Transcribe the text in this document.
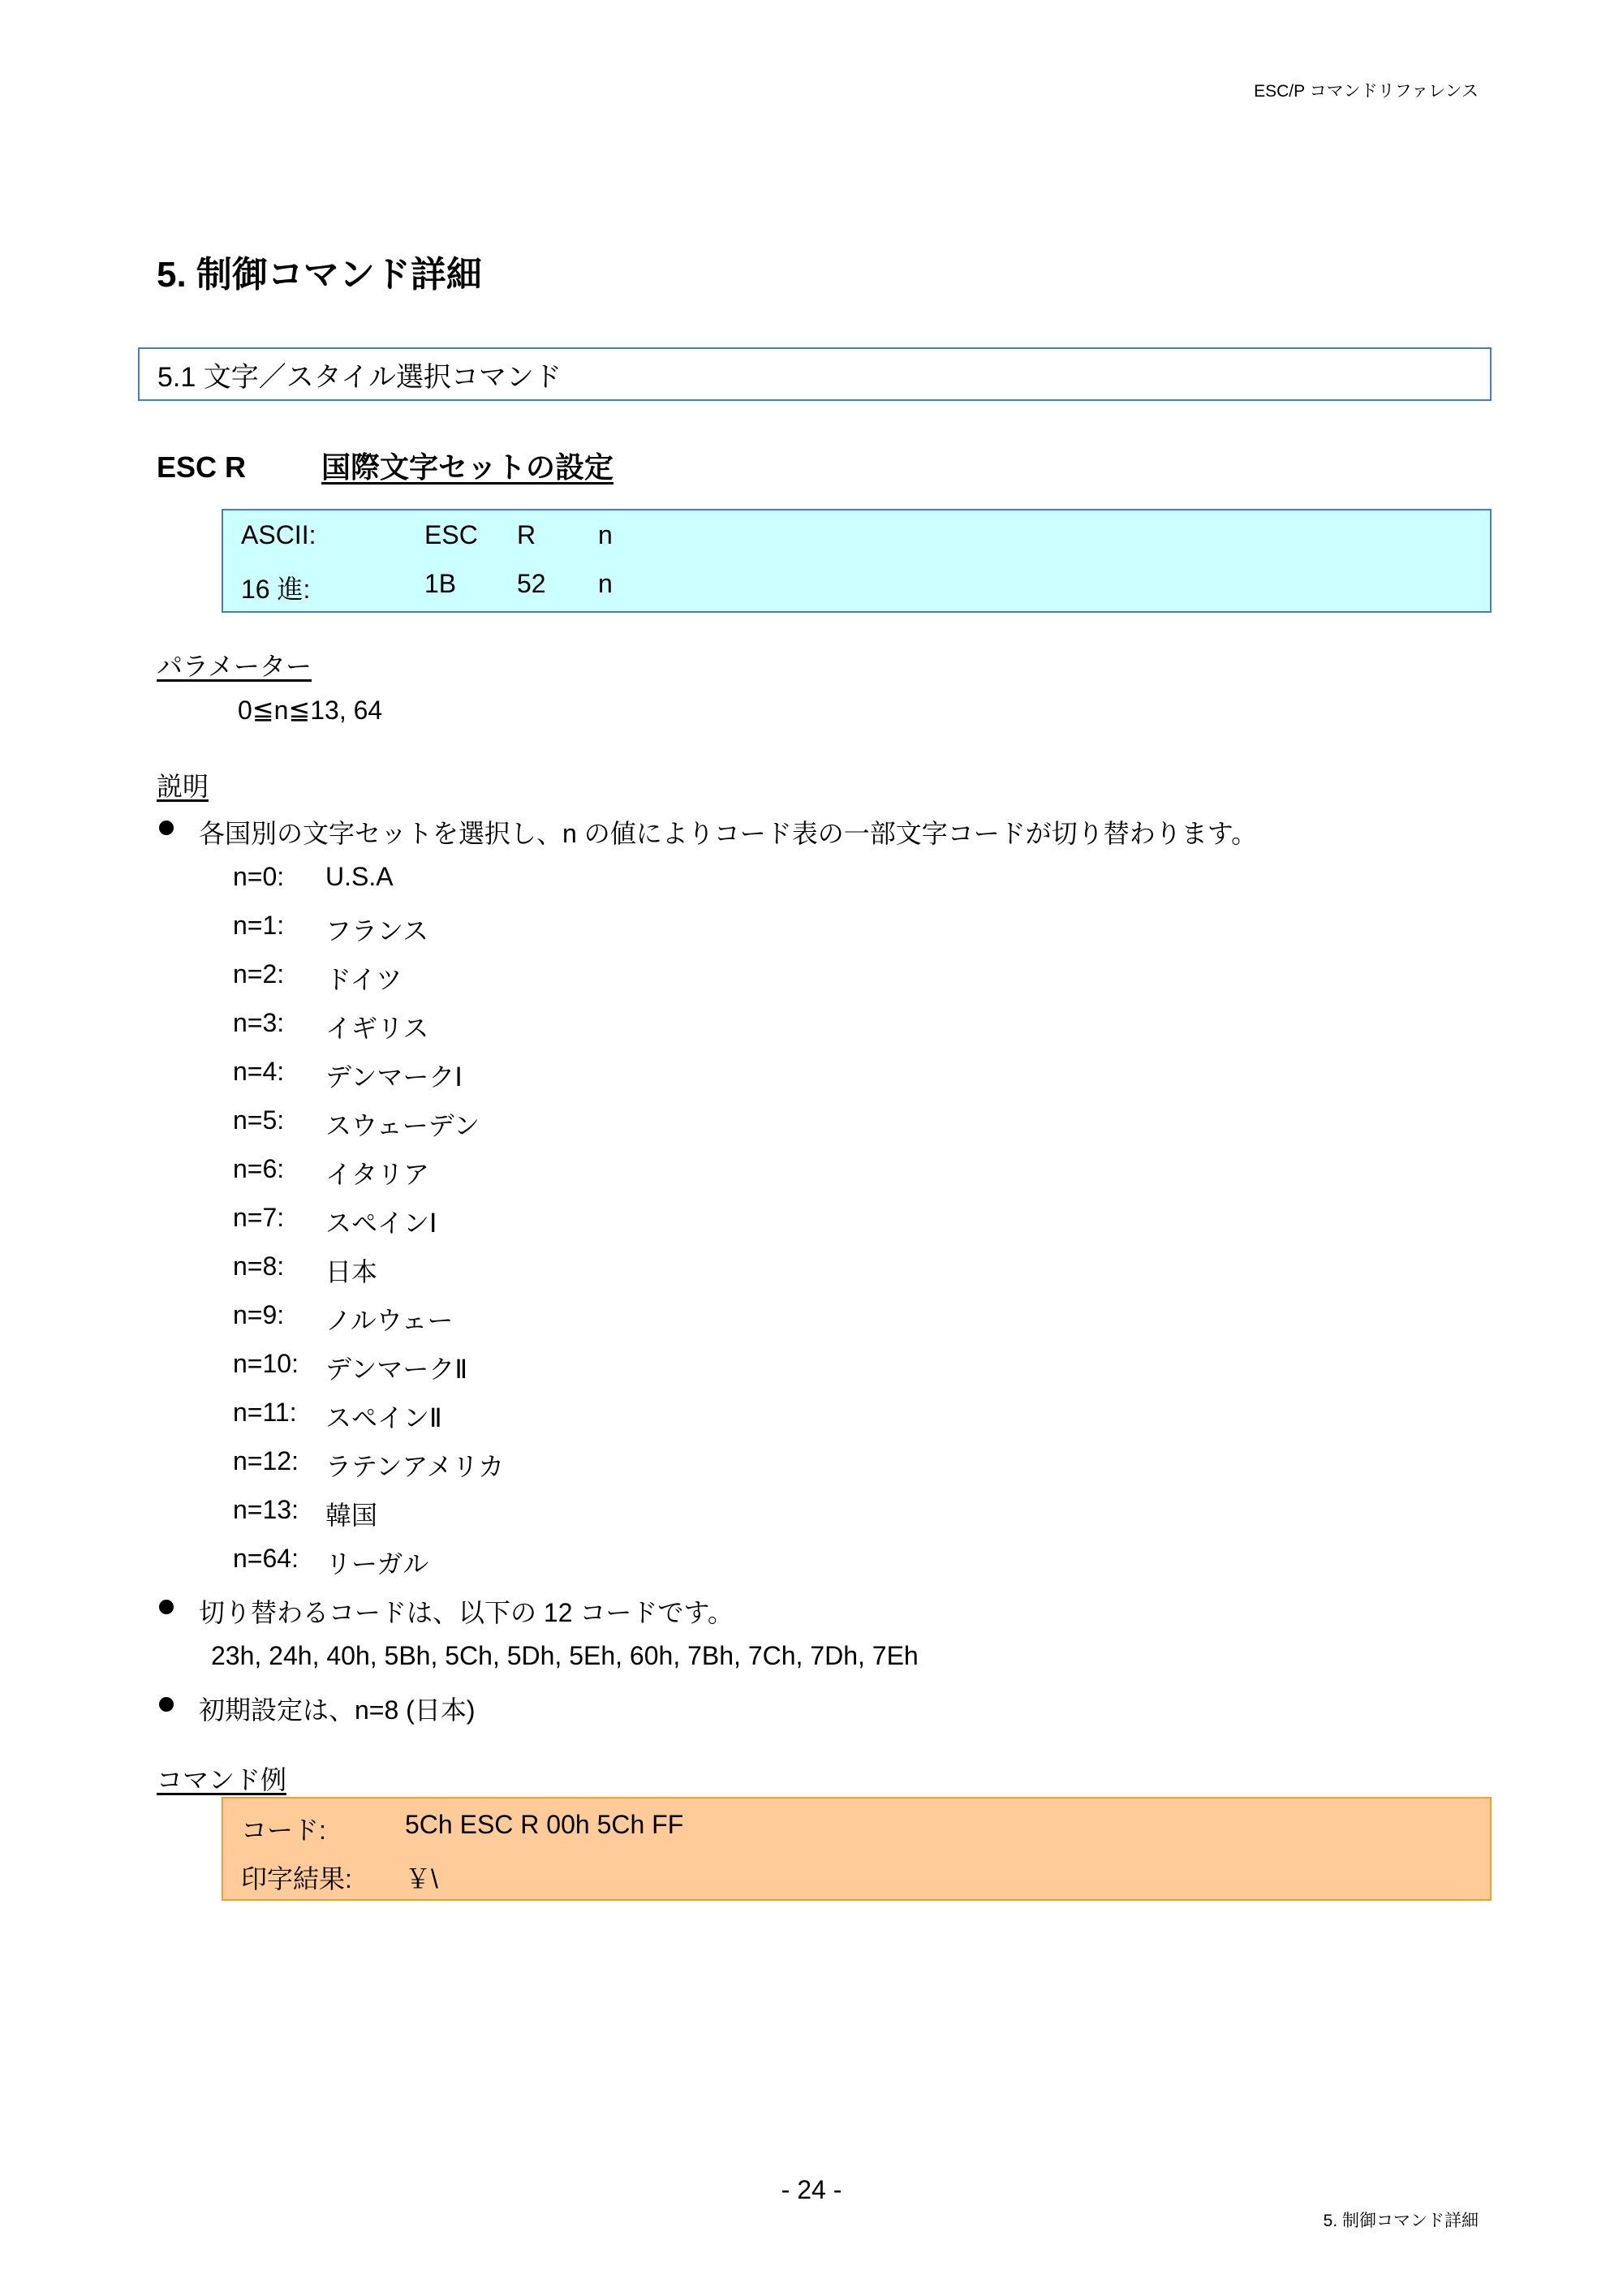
ESC/P コマンドリファレンス
5. 制御コマンド詳細
5.1 文字／スタイル選択コマンド
ESC R	国際文字セットの設定
ASCII:	ESC R n
16 進:	1B 52 n
パラメーター
0≦n≦13, 64
説明
各国別の文字セットを選択し、n の値によりコード表の一部文字コードが切り替わります。
n=0: U.S.A
n=1: フランス
n=2: ドイツ
n=3: イギリス
n=4: デンマークⅠ
n=5: スウェーデン
n=6: イタリア
n=7: スペインⅠ
n=8: 日本
n=9: ノルウェー
n=10: デンマークⅡ
n=11: スペインⅡ
n=12: ラテンアメリカ
n=13: 韓国
n=64: リーガル
切り替わるコードは、以下の 12 コードです。
23h, 24h, 40h, 5Bh, 5Ch, 5Dh, 5Eh, 60h, 7Bh, 7Ch, 7Dh, 7Eh
初期設定は、n=8 (日本)
コマンド例
コード:	5Ch ESC R 00h 5Ch FF
印字結果: ￥\
- 24 -
5. 制御コマンド詳細
